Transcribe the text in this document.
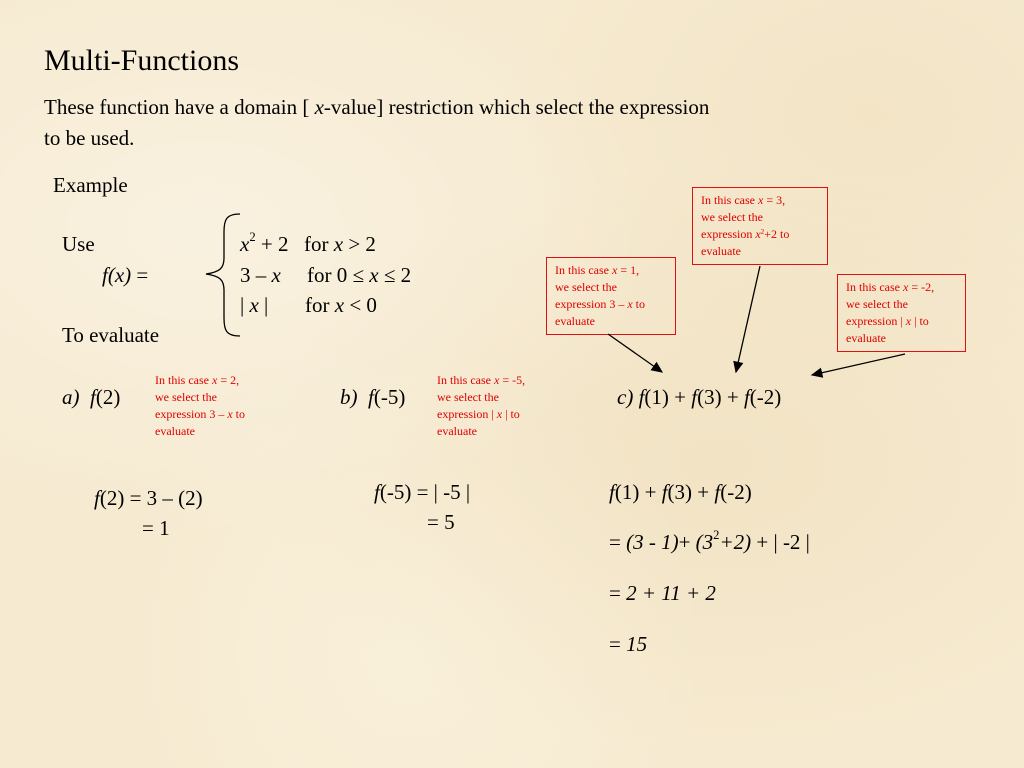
Multi-Functions
These function have a domain [ x-value] restriction which select the expression
to be used.
Example
Use
f(x) =
$x^2 + 2$ for x > 2
3 – x for 0 ≤ x ≤ 2
| x | for x < 0
To evaluate
a) f(2)	b) f(-5)	c) f(1) + f(3) + f(-2)
In this case x = 2,
we select the
expression 3 – x to
evaluate
In this case x = -5,
we select the
expression | x | to
evaluate
In this case x = 1,
we select the
expression 3 – x to
evaluate
In this case x = 3,
we select the
expression $x^2+2$ to
evaluate
In this case x = -2,
we select the
expression | x | to
evaluate
f(2) = 3 – (2)
= 1
f(-5) = | -5 |
= 5
f(1) + f(3) + f(-2)
= $(3 - 1)+ (3^2+2)$ + | -2 |
= 2 + 11 + 2
= 15
